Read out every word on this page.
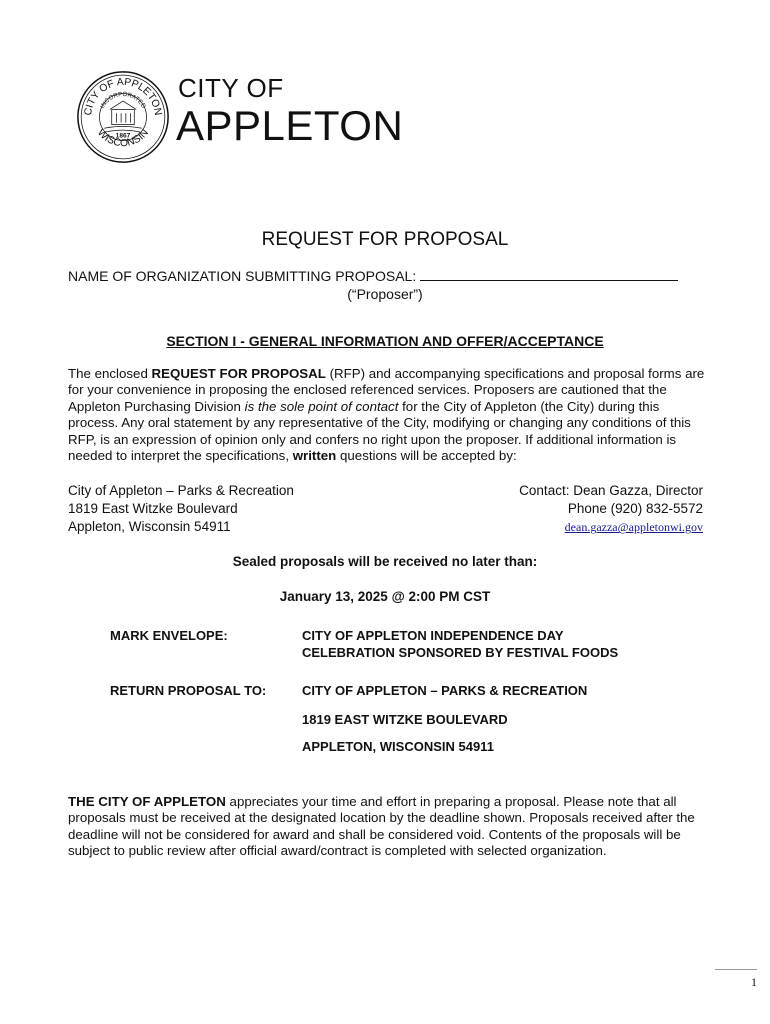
CITY OF APPLETON
INCORPORATED
WISCONSIN
1867
CITY OF
APPLETON
REQUEST FOR PROPOSAL
NAME OF ORGANIZATION SUBMITTING PROPOSAL:
(“Proposer”)
SECTION I - GENERAL INFORMATION AND OFFER/ACCEPTANCE
The enclosed REQUEST FOR PROPOSAL (RFP) and accompanying specifications and proposal forms are for your convenience in proposing the enclosed referenced services. Proposers are cautioned that the Appleton Purchasing Division is the sole point of contact for the City of Appleton (the City) during this process. Any oral statement by any representative of the City, modifying or changing any conditions of this RFP, is an expression of opinion only and confers no right upon the proposer. If additional information is needed to interpret the specifications, written questions will be accepted by:
City of Appleton – Parks & Recreation
1819 East Witzke Boulevard
Appleton, Wisconsin 54911
Contact: Dean Gazza, Director
Phone (920) 832-5572
dean.gazza@appletonwi.gov
Sealed proposals will be received no later than:
January 13, 2025 @ 2:00 PM CST
MARK ENVELOPE:	CITY OF APPLETON INDEPENDENCE DAY CELEBRATION SPONSORED BY FESTIVAL FOODS
RETURN PROPOSAL TO:	CITY OF APPLETON – PARKS & RECREATION
1819 EAST WITZKE BOULEVARD
APPLETON, WISCONSIN 54911
THE CITY OF APPLETON appreciates your time and effort in preparing a proposal. Please note that all proposals must be received at the designated location by the deadline shown. Proposals received after the deadline will not be considered for award and shall be considered void. Contents of the proposals will be subject to public review after official award/contract is completed with selected organization.
1
